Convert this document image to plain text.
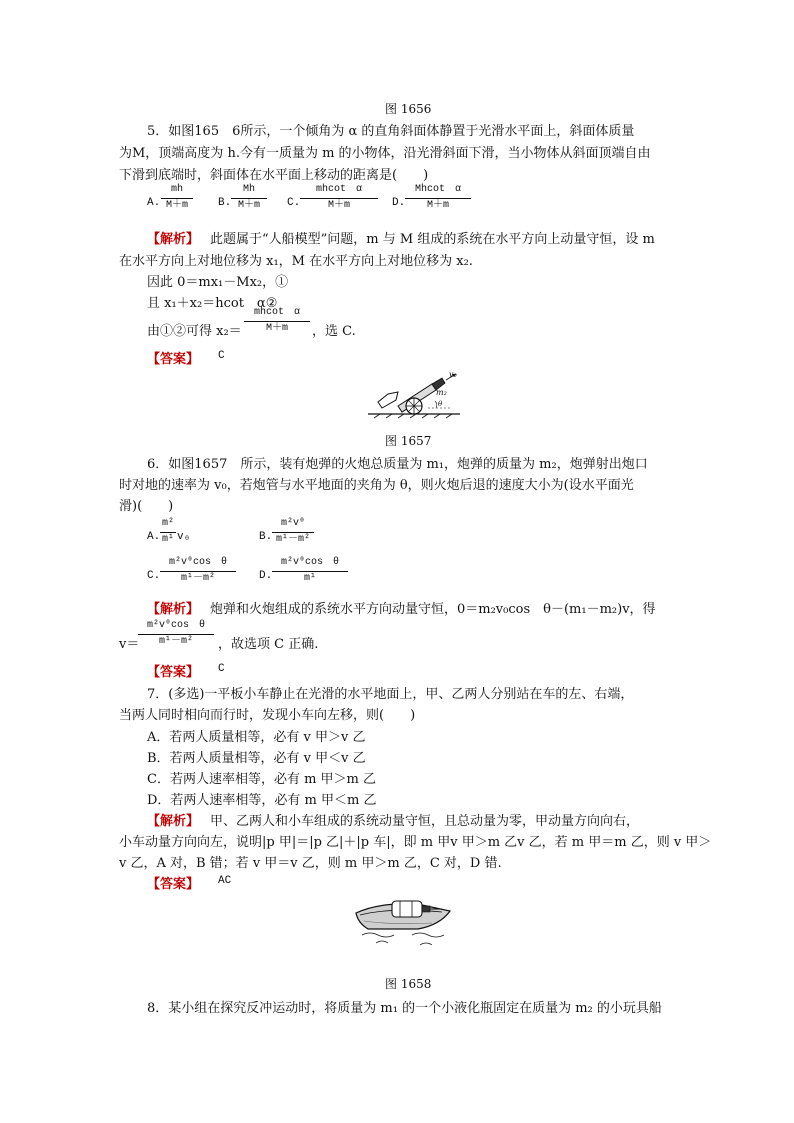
图 1656
5．如图165　6所示，一个倾角为 α 的直角斜面体静置于光滑水平面上，斜面体质量
为M，顶端高度为 h.今有一质量为 m 的小物体，沿光滑斜面下滑，当小物体从斜面顶端自由
下滑到底端时，斜面体在水平面上移动的距离是(　　)
A.
mh
M＋m	B.
Mh
M＋m	C.
mhcot　α
M＋m	D.
Mhcot　α
M＋m
【解析】 此题属于“人船模型”问题，m 与 M 组成的系统在水平方向上动量守恒，设 m
在水平方向上对地位移为 x₁，M 在水平方向上对地位移为 x₂.
因此 0＝mx₁－Mx₂，①
且 x₁＋x₂＝hcot　α②
由①②可得 x₂＝
mhcot　α
M＋m	，选 C.
【答案】 C
v₀
m₂
θ
图 1657
6．如图1657　所示，装有炮弹的火炮总质量为 m₁，炮弹的质量为 m₂，炮弹射出炮口
时对地的速率为 v₀，若炮管与水平地面的夹角为 θ，则火炮后退的速度大小为(设水平面光
滑)(　　)
A.
m²
m¹ v₀	B.
m²v⁰
m¹－m²
C.
m²v⁰cos　θ
m¹－m²	D.
m²v⁰cos　θ
m¹
【解析】 炮弹和火炮组成的系统水平方向动量守恒，0＝m₂v₀cos　θ－(m₁－m₂)v，得
v＝
m²v⁰cos　θ
m¹－m²	，故选项 C 正确.
【答案】 C
7．(多选)一平板小车静止在光滑的水平地面上，甲、乙两人分别站在车的左、右端，
当两人同时相向而行时，发现小车向左移，则(　　)
A．若两人质量相等，必有 v 甲＞v 乙
B．若两人质量相等，必有 v 甲＜v 乙
C．若两人速率相等，必有 m 甲＞m 乙
D．若两人速率相等，必有 m 甲＜m 乙
【解析】 甲、乙两人和小车组成的系统动量守恒，且总动量为零，甲动量方向向右，
小车动量方向向左，说明|p 甲|＝|p 乙|＋|p 车|，即 m 甲v 甲＞m 乙v 乙，若 m 甲＝m 乙，则 v 甲＞
v 乙，A 对，B 错；若 v 甲＝v 乙，则 m 甲＞m 乙，C 对，D 错.
【答案】 AC
图 1658
8．某小组在探究反冲运动时，将质量为 m₁ 的一个小液化瓶固定在质量为 m₂ 的小玩具船
